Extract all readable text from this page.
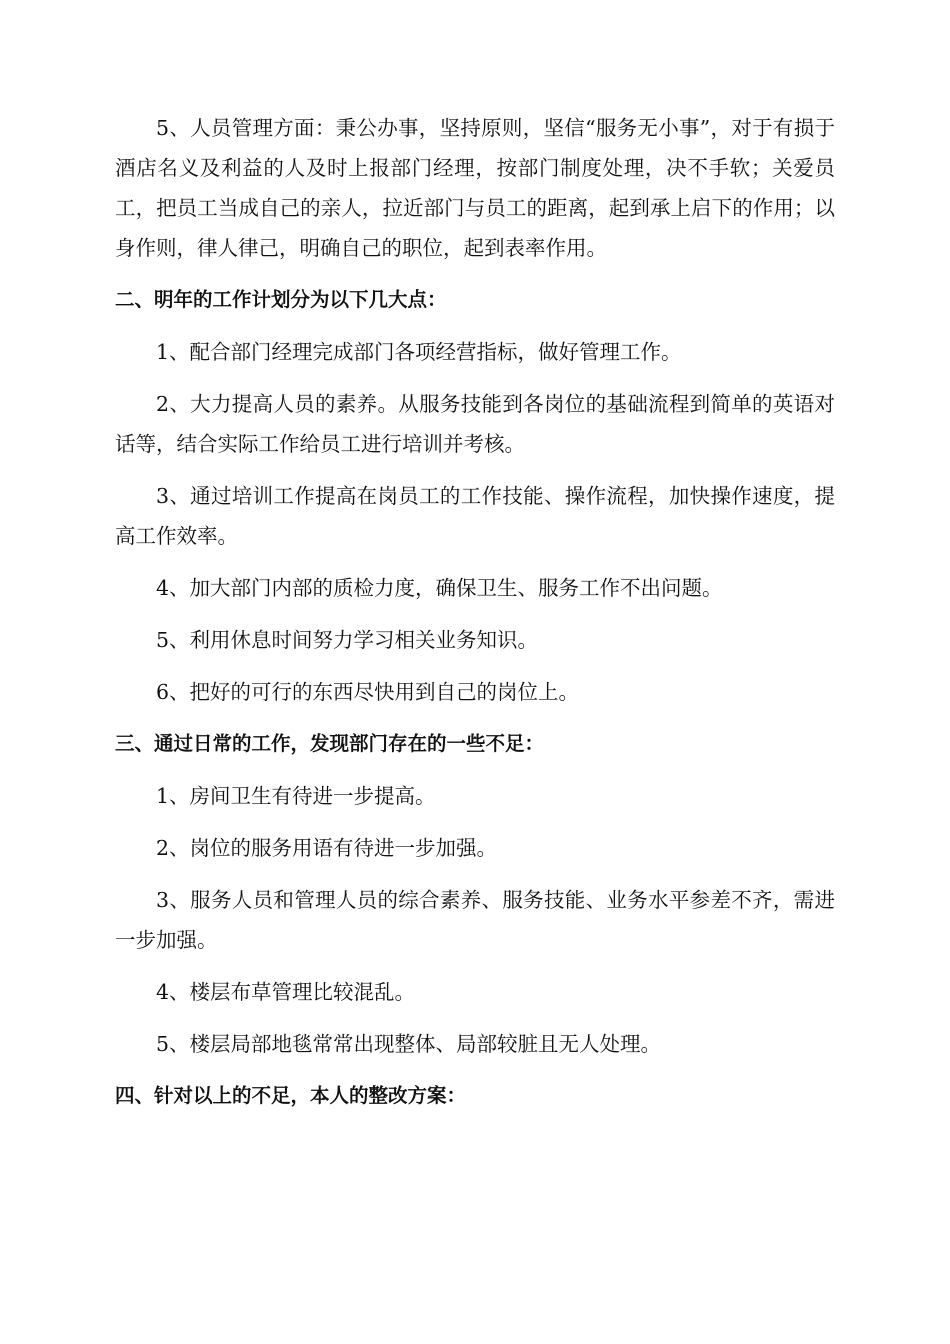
5、人员管理方面：秉公办事，坚持原则，坚信“服务无小事”，对于有损于酒店名义及利益的人及时上报部门经理，按部门制度处理，决不手软；关爱员工，把员工当成自己的亲人，拉近部门与员工的距离，起到承上启下的作用；以身作则，律人律己，明确自己的职位，起到表率作用。

二、明年的工作计划分为以下几大点：

1、配合部门经理完成部门各项经营指标，做好管理工作。

2、大力提高人员的素养。从服务技能到各岗位的基础流程到简单的英语对话等，结合实际工作给员工进行培训并考核。

3、通过培训工作提高在岗员工的工作技能、操作流程，加快操作速度，提高工作效率。

4、加大部门内部的质检力度，确保卫生、服务工作不出问题。

5、利用休息时间努力学习相关业务知识。

6、把好的可行的东西尽快用到自己的岗位上。

三、通过日常的工作，发现部门存在的一些不足：

1、房间卫生有待进一步提高。

2、岗位的服务用语有待进一步加强。

3、服务人员和管理人员的综合素养、服务技能、业务水平参差不齐，需进一步加强。

4、楼层布草管理比较混乱。

5、楼层局部地毯常常出现整体、局部较脏且无人处理。

四、针对以上的不足，本人的整改方案：
